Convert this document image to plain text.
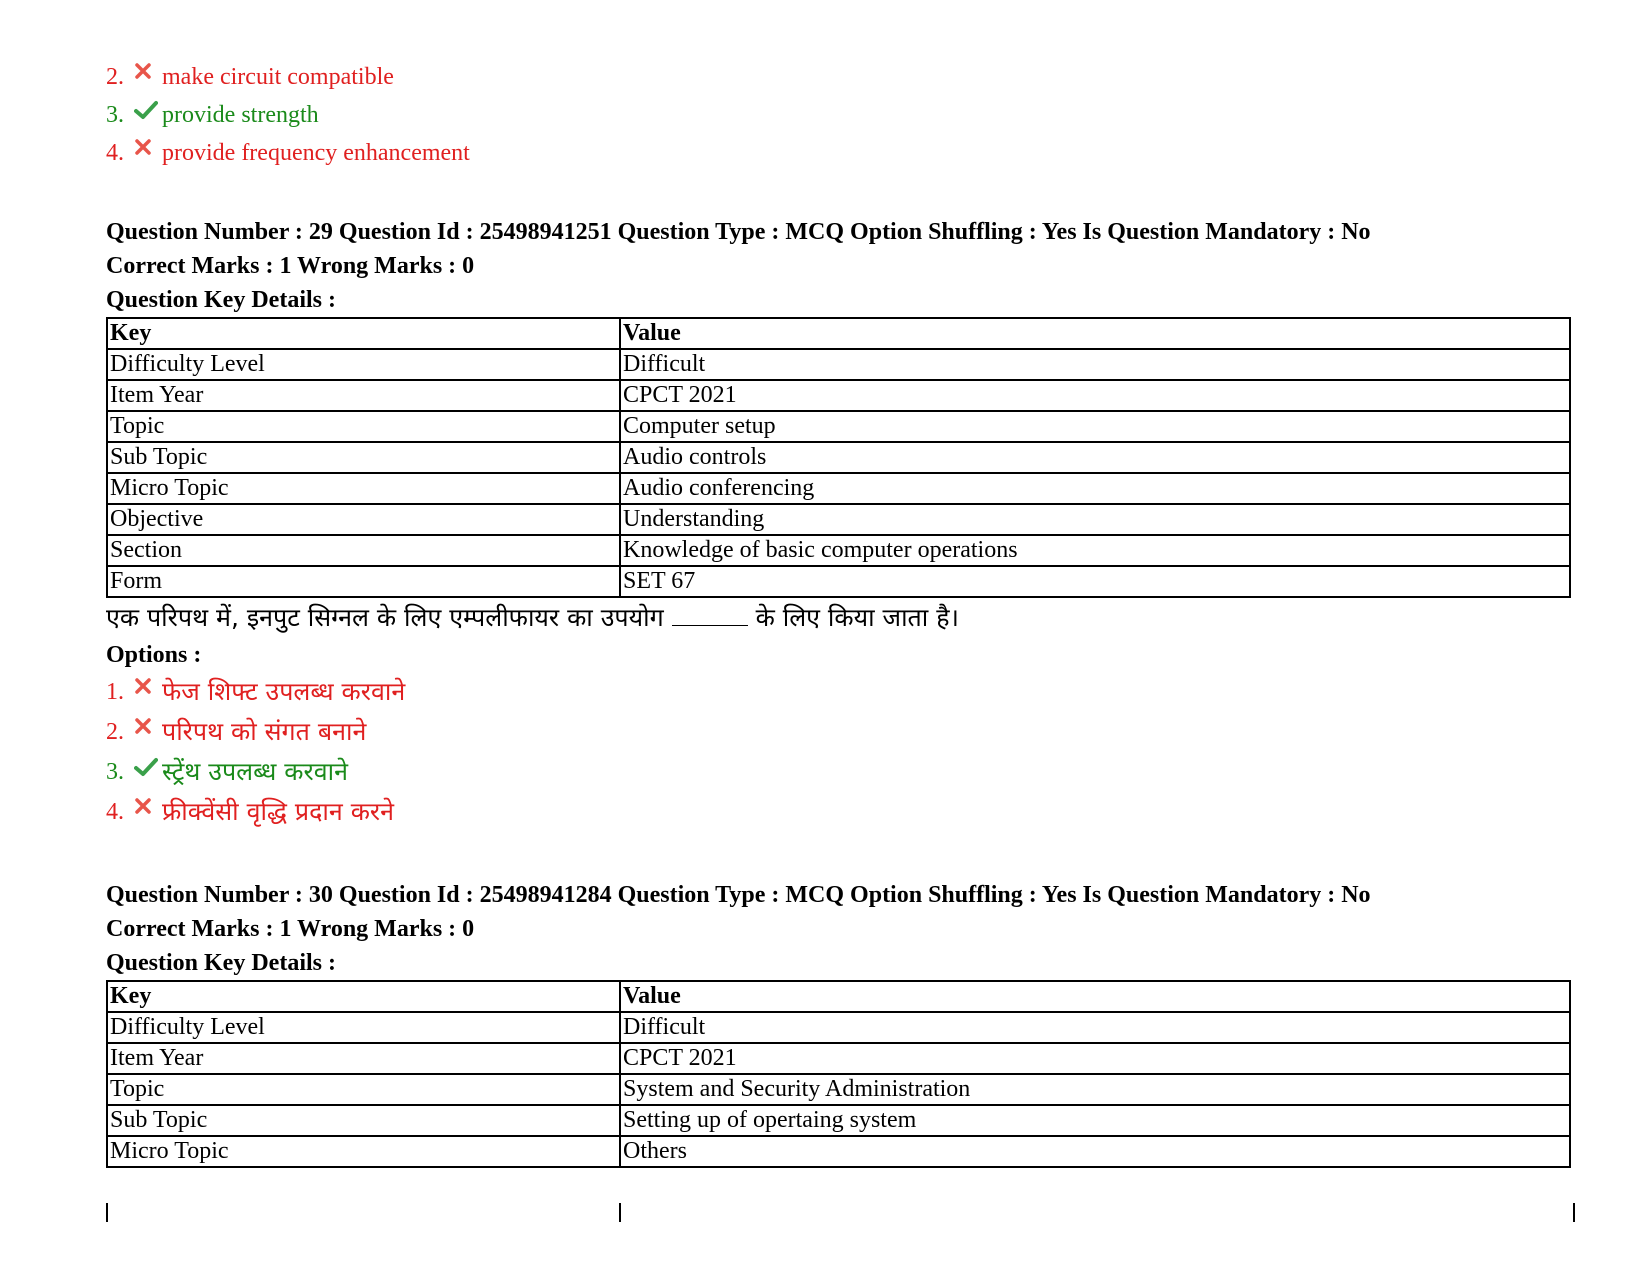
2.	make circuit compatible
3.	provide strength
4.	provide frequency enhancement
Question Number : 29 Question Id : 25498941251 Question Type : MCQ Option Shuffling : Yes Is Question Mandatory : No
Correct Marks : 1 Wrong Marks : 0
Question Key Details :
Key	Value
Difficulty Level	Difficult
Item Year	CPCT 2021
Topic	Computer setup
Sub Topic	Audio controls
Micro Topic	Audio conferencing
Objective	Understanding
Section	Knowledge of basic computer operations
Form	SET 67
एक परिपथ में, इनपुट सिग्नल के लिए एम्पलीफायर का उपयोग	के लिए किया जाता है।
Options :
1.	फेज शिफ्ट उपलब्ध करवाने
2.	परिपथ को संगत बनाने
3.	स्ट्रेंथ उपलब्ध करवाने
4.	फ्रीक्वेंसी वृद्धि प्रदान करने
Question Number : 30 Question Id : 25498941284 Question Type : MCQ Option Shuffling : Yes Is Question Mandatory : No
Correct Marks : 1 Wrong Marks : 0
Question Key Details :
Key	Value
Difficulty Level	Difficult
Item Year	CPCT 2021
Topic	System and Security Administration
Sub Topic	Setting up of opertaing system
Micro Topic	Others
